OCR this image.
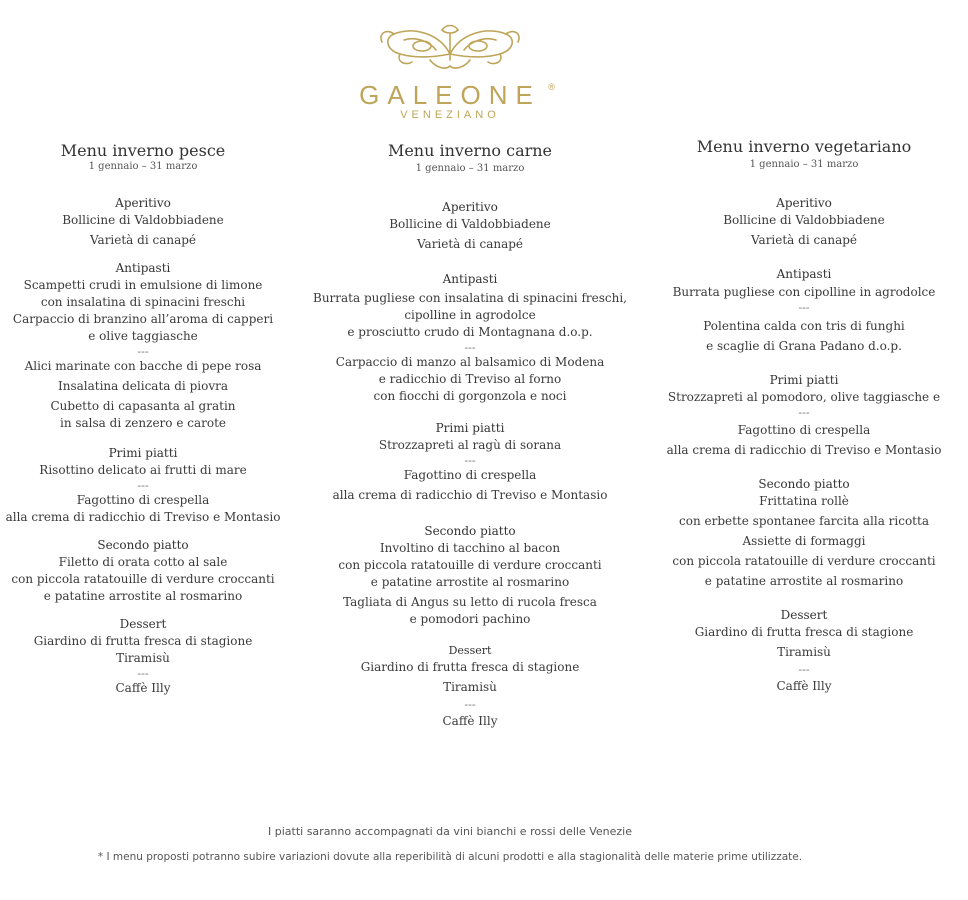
GALEONE ®
VENEZIANO
Menu inverno pesce
1 gennaio – 31 marzo
Aperitivo
Bollicine di Valdobbiadene
Varietà di canapé
Antipasti
Scampetti crudi in emulsione di limone
con insalatina di spinacini freschi
Carpaccio di branzino all’aroma di capperi
e olive taggiasche
---
Alici marinate con bacche di pepe rosa
Insalatina delicata di piovra
Cubetto di capasanta al gratin
in salsa di zenzero e carote
Primi piatti
Risottino delicato ai frutti di mare
---
Fagottino di crespella
alla crema di radicchio di Treviso e Montasio
Secondo piatto
Filetto di orata cotto al sale
con piccola ratatouille di verdure croccanti
e patatine arrostite al rosmarino
Dessert
Giardino di frutta fresca di stagione
Tiramisù
---
Caffè Illy
Menu inverno carne
1 gennaio – 31 marzo
Aperitivo
Bollicine di Valdobbiadene
Varietà di canapé
Antipasti
Burrata pugliese con insalatina di spinacini freschi,
cipolline in agrodolce
e prosciutto crudo di Montagnana d.o.p.
---
Carpaccio di manzo al balsamico di Modena
e radicchio di Treviso al forno
con fiocchi di gorgonzola e noci
Primi piatti
Strozzapreti al ragù di sorana
---
Fagottino di crespella
alla crema di radicchio di Treviso e Montasio
Secondo piatto
Involtino di tacchino al bacon
con piccola ratatouille di verdure croccanti
e patatine arrostite al rosmarino
Tagliata di Angus su letto di rucola fresca
e pomodori pachino
Dessert
Giardino di frutta fresca di stagione
Tiramisù
---
Caffè Illy
Menu inverno vegetariano
1 gennaio – 31 marzo
Aperitivo
Bollicine di Valdobbiadene
Varietà di canapé
Antipasti
Burrata pugliese con cipolline in agrodolce
---
Polentina calda con tris di funghi
e scaglie di Grana Padano d.o.p.
Primi piatti
Strozzapreti al pomodoro, olive taggiasche e
---
Fagottino di crespella
alla crema di radicchio di Treviso e Montasio
Secondo piatto
Frittatina rollè
con erbette spontanee farcita alla ricotta
Assiette di formaggi
con piccola ratatouille di verdure croccanti
e patatine arrostite al rosmarino
Dessert
Giardino di frutta fresca di stagione
Tiramisù
---
Caffè Illy
I piatti saranno accompagnati da vini bianchi e rossi delle Venezie
* I menu proposti potranno subire variazioni dovute alla reperibilità di alcuni prodotti e alla stagionalità delle materie prime utilizzate.
